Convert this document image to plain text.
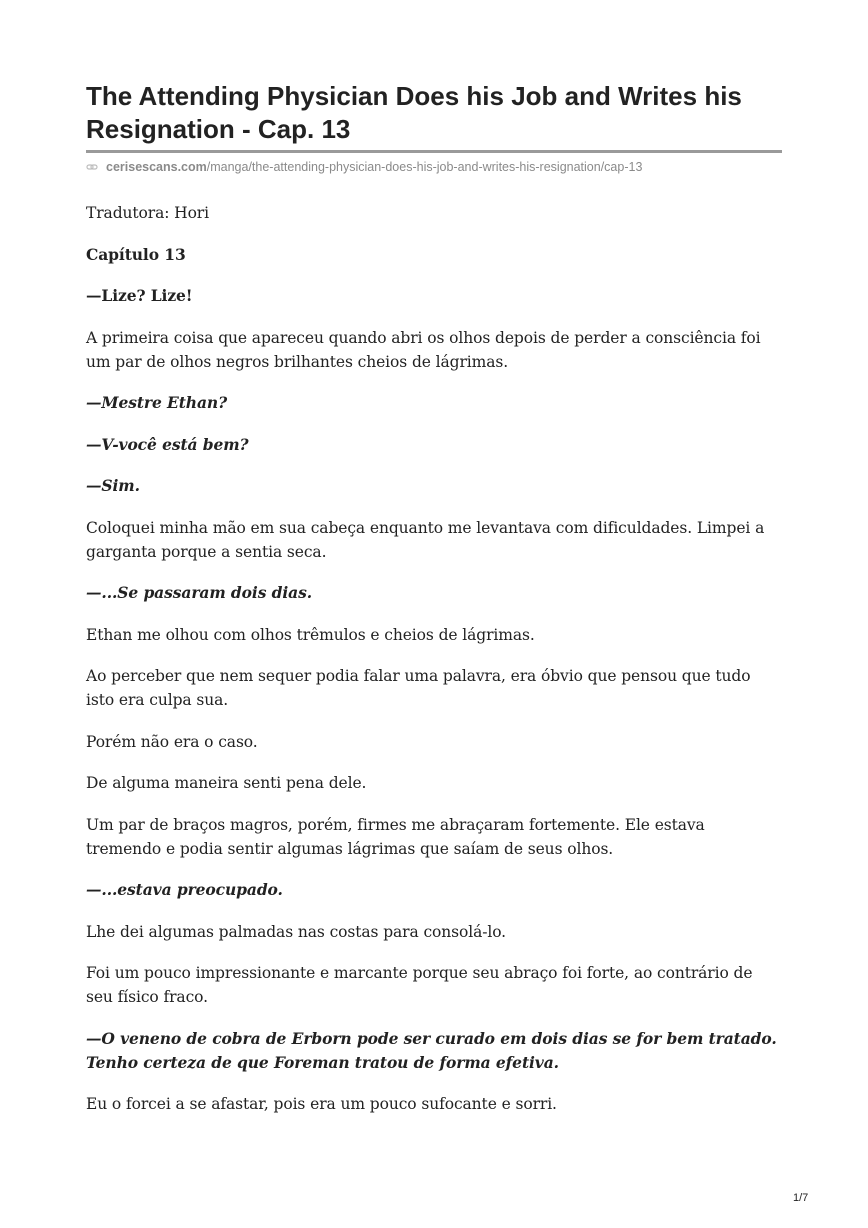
The Attending Physician Does his Job and Writes his Resignation - Cap. 13
cerisescans.com/manga/the-attending-physician-does-his-job-and-writes-his-resignation/cap-13

Tradutora: Hori

Capítulo 13

—Lize? Lize!

A primeira coisa que apareceu quando abri os olhos depois de perder a consciência foi um par de olhos negros brilhantes cheios de lágrimas.

—Mestre Ethan?

—V-você está bem?

—Sim.

Coloquei minha mão em sua cabeça enquanto me levantava com dificuldades. Limpei a garganta porque a sentia seca.

—...Se passaram dois dias.

Ethan me olhou com olhos trêmulos e cheios de lágrimas.

Ao perceber que nem sequer podia falar uma palavra, era óbvio que pensou que tudo isto era culpa sua.

Porém não era o caso.

De alguma maneira senti pena dele.

Um par de braços magros, porém, firmes me abraçaram fortemente. Ele estava tremendo e podia sentir algumas lágrimas que saíam de seus olhos.

—...estava preocupado.

Lhe dei algumas palmadas nas costas para consolá-lo.

Foi um pouco impressionante e marcante porque seu abraço foi forte, ao contrário de seu físico fraco.

—O veneno de cobra de Erborn pode ser curado em dois dias se for bem tratado. Tenho certeza de que Foreman tratou de forma efetiva.

Eu o forcei a se afastar, pois era um pouco sufocante e sorri.

1/7
